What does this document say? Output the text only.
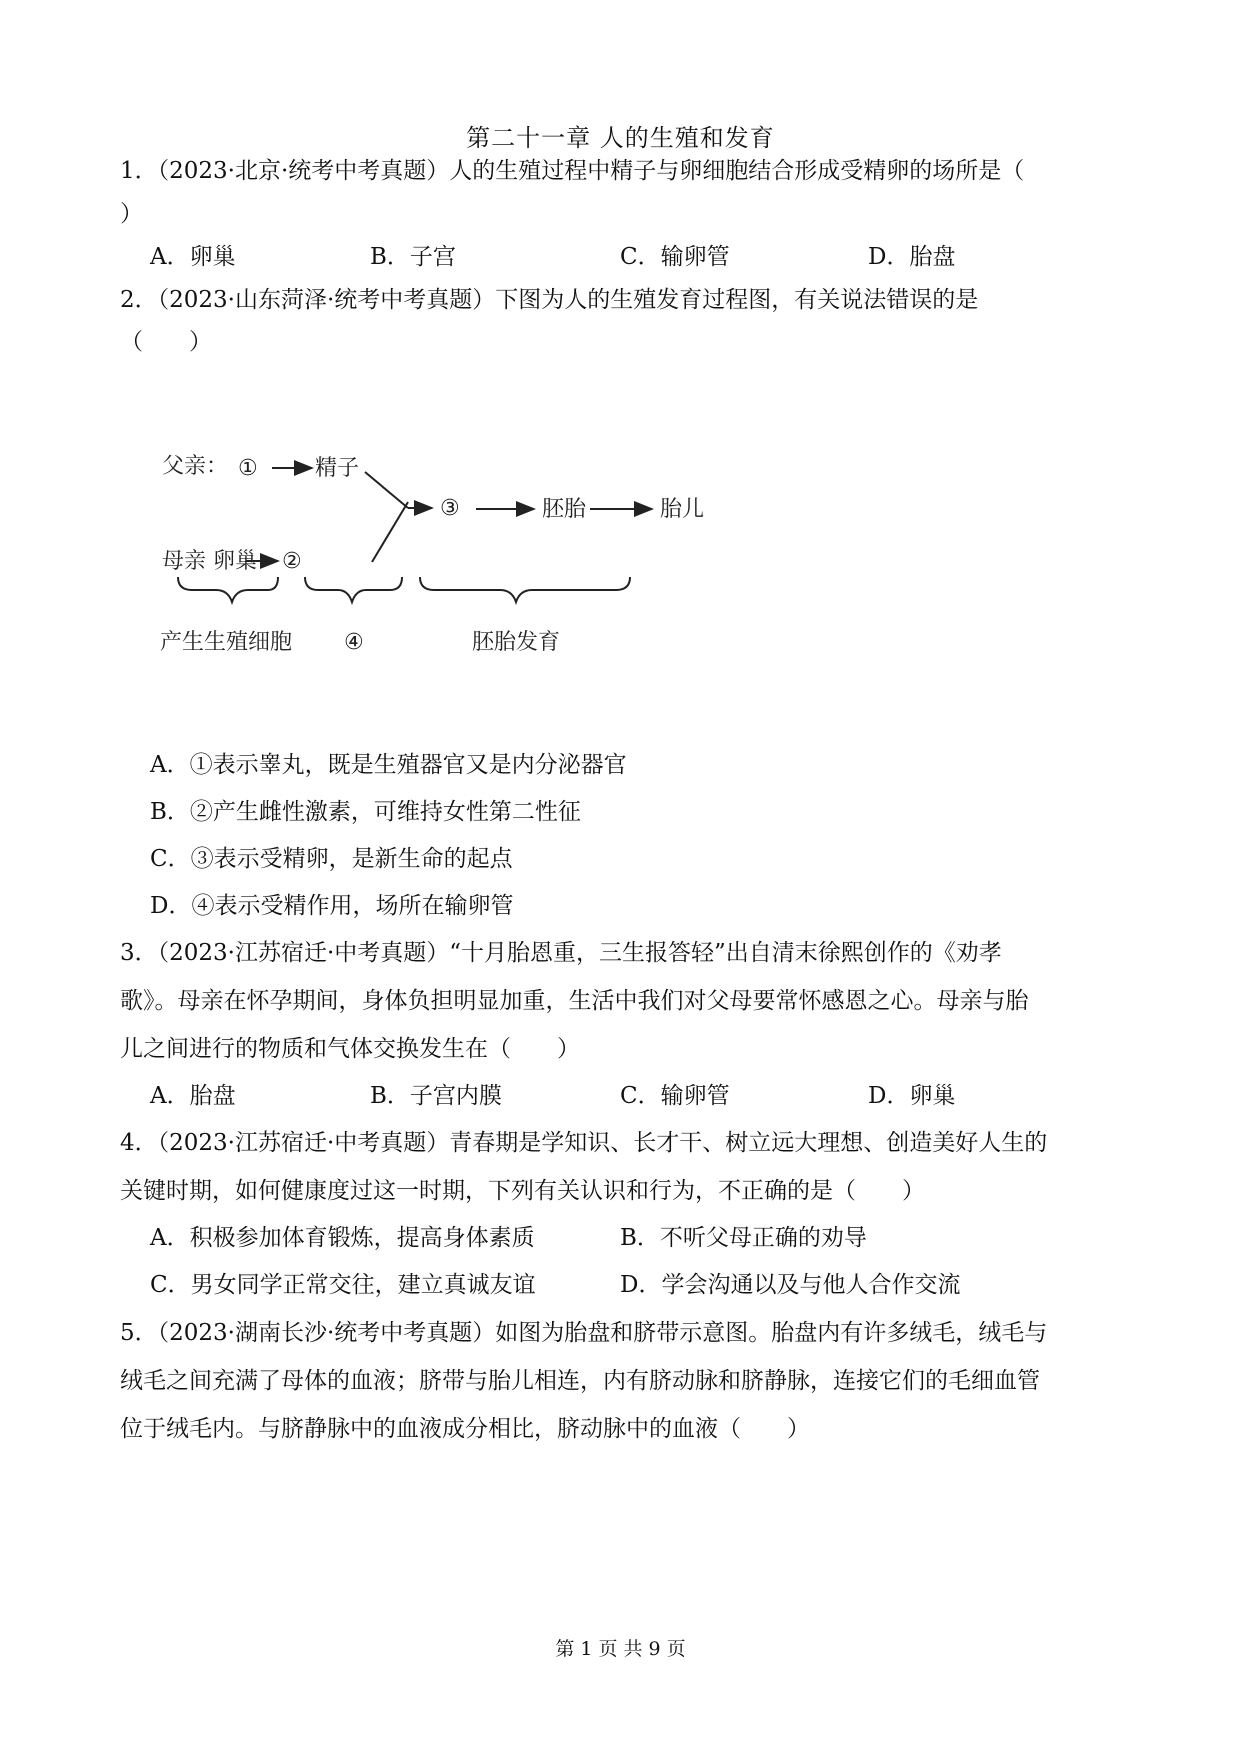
第二十一章 人的生殖和发育
1．（2023·北京·统考中考真题）人的生殖过程中精子与卵细胞结合形成受精卵的场所是（
）
A．卵巢	B．子宫	C．输卵管	D．胎盘
2．（2023·山东菏泽·统考中考真题）下图为人的生殖发育过程图，有关说法错误的是
（　　）
父亲： ①	精子
③	胚胎	胎儿
母亲 卵巢 ②
产生生殖细胞 ④	胚胎发育
A．①表示睾丸，既是生殖器官又是内分泌器官
B．②产生雌性激素，可维持女性第二性征
C．③表示受精卵，是新生命的起点
D．④表示受精作用，场所在输卵管
3．（2023·江苏宿迁·中考真题）“十月胎恩重，三生报答轻”出自清末徐熙创作的《劝孝
歌》。母亲在怀孕期间，身体负担明显加重，生活中我们对父母要常怀感恩之心。母亲与胎
儿之间进行的物质和气体交换发生在（　　）
A．胎盘	B．子宫内膜	C．输卵管	D．卵巢
4．（2023·江苏宿迁·中考真题）青春期是学知识、长才干、树立远大理想、创造美好人生的
关键时期，如何健康度过这一时期，下列有关认识和行为，不正确的是（　　）
A．积极参加体育锻炼，提高身体素质	B．不听父母正确的劝导
C．男女同学正常交往，建立真诚友谊	D．学会沟通以及与他人合作交流
5．（2023·湖南长沙·统考中考真题）如图为胎盘和脐带示意图。胎盘内有许多绒毛，绒毛与
绒毛之间充满了母体的血液；脐带与胎儿相连，内有脐动脉和脐静脉，连接它们的毛细血管
位于绒毛内。与脐静脉中的血液成分相比，脐动脉中的血液（　　）
第 1 页 共 9 页
